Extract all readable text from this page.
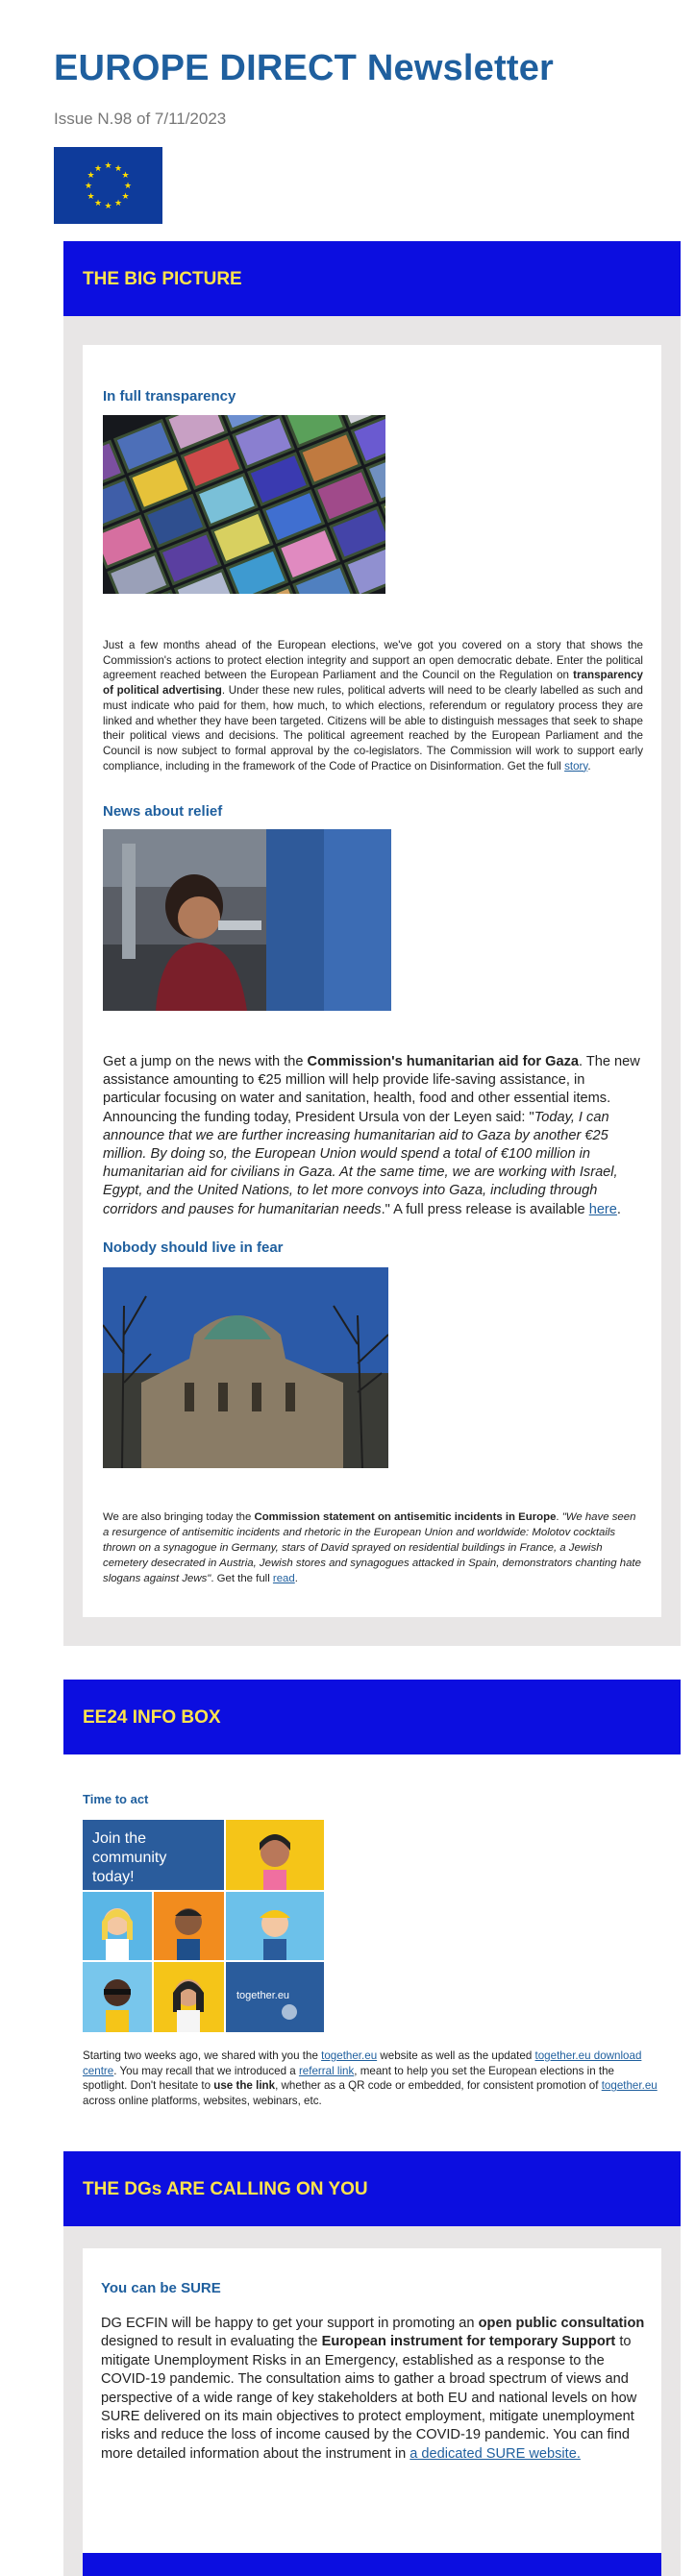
EUROPE DIRECT Newsletter
Issue N.98 of 7/11/2023
★ ★
★
★
★
★
★
★
★
★
★
★
THE BIG PICTURE
In full transparency
Just a few months ahead of the European elections, we've got you covered on a story that shows the Commission's actions to protect election integrity and support an open democratic debate. Enter the political agreement reached between the European Parliament and the Council on the Regulation on transparency of political advertising. Under these new rules, political adverts will need to be clearly labelled as such and must indicate who paid for them, how much, to which elections, referendum or regulatory process they are linked and whether they have been targeted. Citizens will be able to distinguish messages that seek to shape their political views and decisions. The political agreement reached by the European Parliament and the Council is now subject to formal approval by the co-legislators. The Commission will work to support early compliance, including in the framework of the Code of Practice on Disinformation. Get the full story.
News about relief
Get a jump on the news with the Commission's humanitarian aid for Gaza. The new assistance amounting to €25 million will help provide life-saving assistance, in particular focusing on water and sanitation, health, food and other essential items. Announcing the funding today, President Ursula von der Leyen said: "Today, I can announce that we are further increasing humanitarian aid to Gaza by another €25 million. By doing so, the European Union would spend a total of €100 million in humanitarian aid for civilians in Gaza. At the same time, we are working with Israel, Egypt, and the United Nations, to let more convoys into Gaza, including through corridors and pauses for humanitarian needs." A full press release is available here.
Nobody should live in fear
We are also bringing today the Commission statement on antisemitic incidents in Europe. "We have seen a resurgence of antisemitic incidents and rhetoric in the European Union and worldwide: Molotov cocktails thrown on a synagogue in Germany, stars of David sprayed on residential buildings in France, a Jewish cemetery desecrated in Austria, Jewish stores and synagogues attacked in Spain, demonstrators chanting hate slogans against Jews". Get the full read.
EE24 INFO BOX
Time to act
Join the
community
today!
together.eu
Starting two weeks ago, we shared with you the together.eu website as well as the updated together.eu download centre. You may recall that we introduced a referral link, meant to help you set the European elections in the spotlight. Don't hesitate to use the link, whether as a QR code or embedded, for consistent promotion of together.eu across online platforms, websites, webinars, etc.
THE DGs ARE CALLING ON YOU
You can be SURE
DG ECFIN will be happy to get your support in promoting an open public consultation designed to result in evaluating the European instrument for temporary Support to mitigate Unemployment Risks in an Emergency, established as a response to the COVID-19 pandemic. The consultation aims to gather a broad spectrum of views and perspective of a wide range of key stakeholders at both EU and national levels on how SURE delivered on its main objectives to protect employment, mitigate unemployment risks and reduce the loss of income caused by the COVID-19 pandemic. You can find more detailed information about the instrument in a dedicated SURE website.
